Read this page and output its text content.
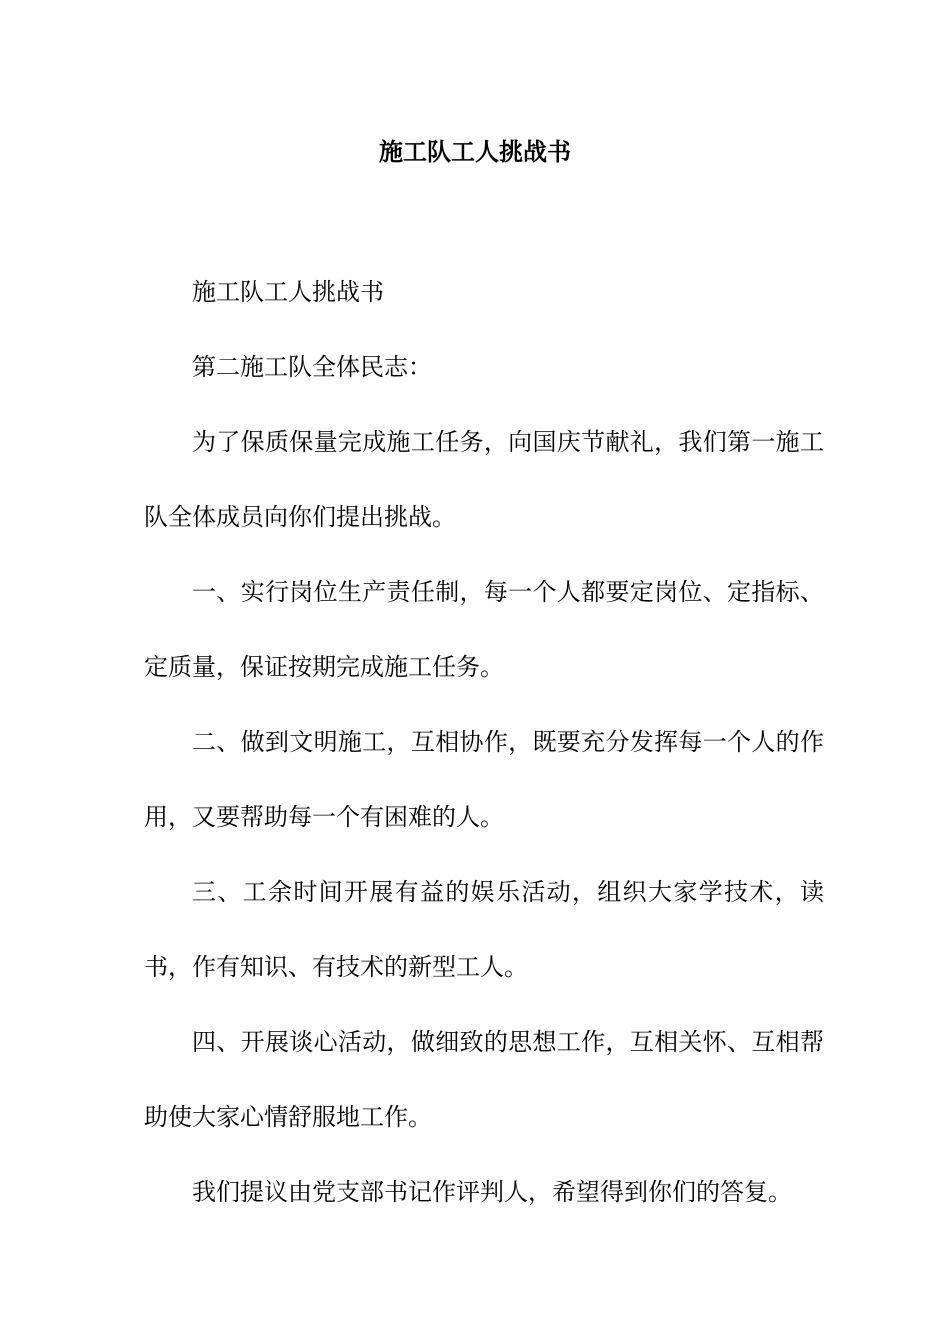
施工队工人挑战书

施工队工人挑战书

第二施工队全体民志：

为了保质保量完成施工任务，向国庆节献礼，我们第一施工队全体成员向你们提出挑战。

一、实行岗位生产责任制，每一个人都要定岗位、定指标、定质量，保证按期完成施工任务。

二、做到文明施工，互相协作，既要充分发挥每一个人的作用，又要帮助每一个有困难的人。

三、工余时间开展有益的娱乐活动，组织大家学技术，读书，作有知识、有技术的新型工人。

四、开展谈心活动，做细致的思想工作，互相关怀、互相帮助使大家心情舒服地工作。

我们提议由党支部书记作评判人，希望得到你们的答复。
